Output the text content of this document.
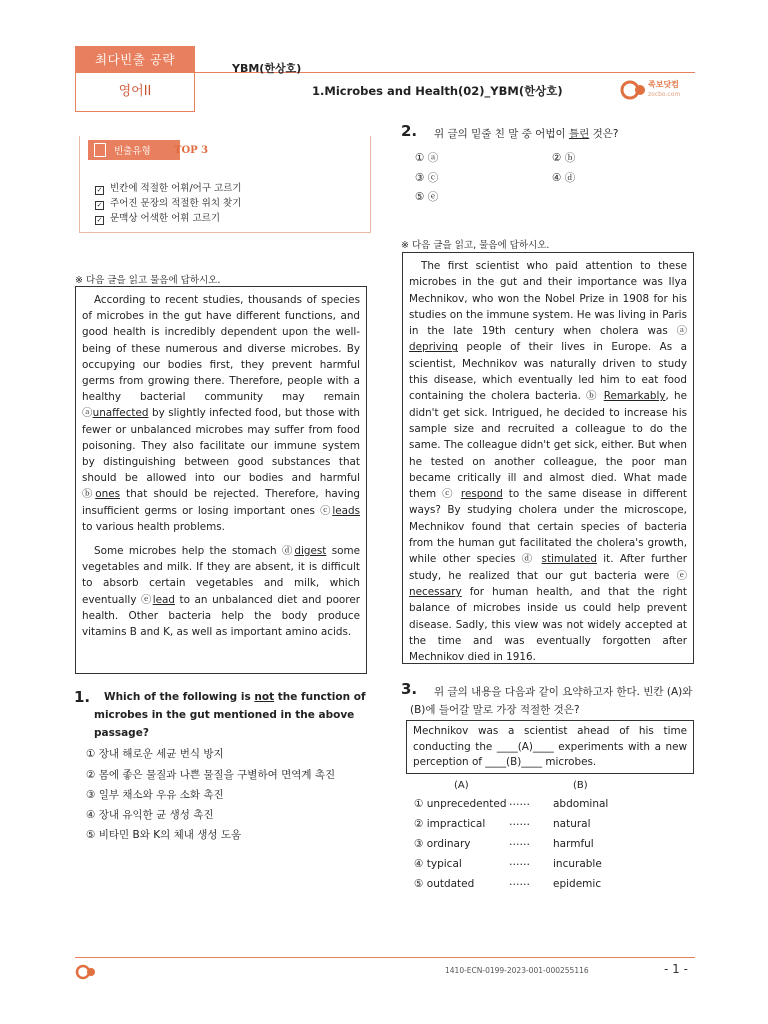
최다빈출 공략
영어II
YBM(한상호)
1.Microbes and Health(02)_YBM(한상호)	족보닷컴
zocbo.com
빈출유형 TOP 3
✓ 빈칸에 적절한 어휘/어구 고르기
✓ 주어진 문장의 적절한 위치 찾기
✓ 문맥상 어색한 어휘 고르기
※ 다음 글을 읽고 물음에 답하시오.

According to recent studies, thousands of species of microbes in the gut have different functions, and good health is incredibly dependent upon the well-being of these numerous and diverse microbes. By occupying our bodies first, they prevent harmful germs from growing there. Therefore, people with a healthy bacterial community may remain ⓐunaffected by slightly infected food, but those with fewer or unbalanced microbes may suffer from food poisoning. They also facilitate our immune system by distinguishing between good substances that should be allowed into our bodies and harmful ⓑones that should be rejected. Therefore, having insufficient germs or losing important ones ⓒleads to various health problems.

Some microbes help the stomach ⓓdigest some vegetables and milk. If they are absent, it is difficult to absorb certain vegetables and milk, which eventually ⓔlead to an unbalanced diet and poorer health. Other bacteria help the body produce vitamins B and K, as well as important amino acids.

1.	Which of the following is not the function of microbes in the gut mentioned in the above passage?
① 장내 해로운 세균 번식 방지
② 몸에 좋은 물질과 나쁜 물질을 구별하여 면역계 촉진
③ 일부 채소와 우유 소화 촉진
④ 장내 유익한 균 생성 촉진
⑤ 비타민 B와 K의 체내 생성 도움
2. 위 글의 밑줄 친 말 중 어법이 틀린 것은?
① ⓐ	② ⓑ
③ ⓒ	④ ⓓ
⑤ ⓔ
※ 다음 글을 읽고, 물음에 답하시오.

The first scientist who paid attention to these microbes in the gut and their importance was Ilya Mechnikov, who won the Nobel Prize in 1908 for his studies on the immune system. He was living in Paris in the late 19th century when cholera was ⓐ depriving people of their lives in Europe. As a scientist, Mechnikov was naturally driven to study this disease, which eventually led him to eat food containing the cholera bacteria. ⓑ Remarkably, he didn't get sick. Intrigued, he decided to increase his sample size and recruited a colleague to do the same. The colleague didn't get sick, either. But when he tested on another colleague, the poor man became critically ill and almost died. What made them ⓒ respond to the same disease in different ways? By studying cholera under the microscope, Mechnikov found that certain species of bacteria from the human gut facilitated the cholera's growth, while other species ⓓ stimulated it. After further study, he realized that our gut bacteria were ⓔ necessary for human health, and that the right balance of microbes inside us could help prevent disease. Sadly, this view was not widely accepted at the time and was eventually forgotten after Mechnikov died in 1916.

3.	위 글의 내용을 다음과 같이 요약하고자 한다. 빈칸 (A)와 (B)에 들어갈 말로 가장 적절한 것은?
Mechnikov was a scientist ahead of his time conducting the ____(A)____ experiments with a new perception of ____(B)____ microbes.
(A)	(B)
① unprecedented …… abdominal
② impractical …… natural
③ ordinary	…… harmful
④ typical	…… incurable
⑤ outdated	…… epidemic
1410-ECN-0199-2023-001-000255116	- 1 -
